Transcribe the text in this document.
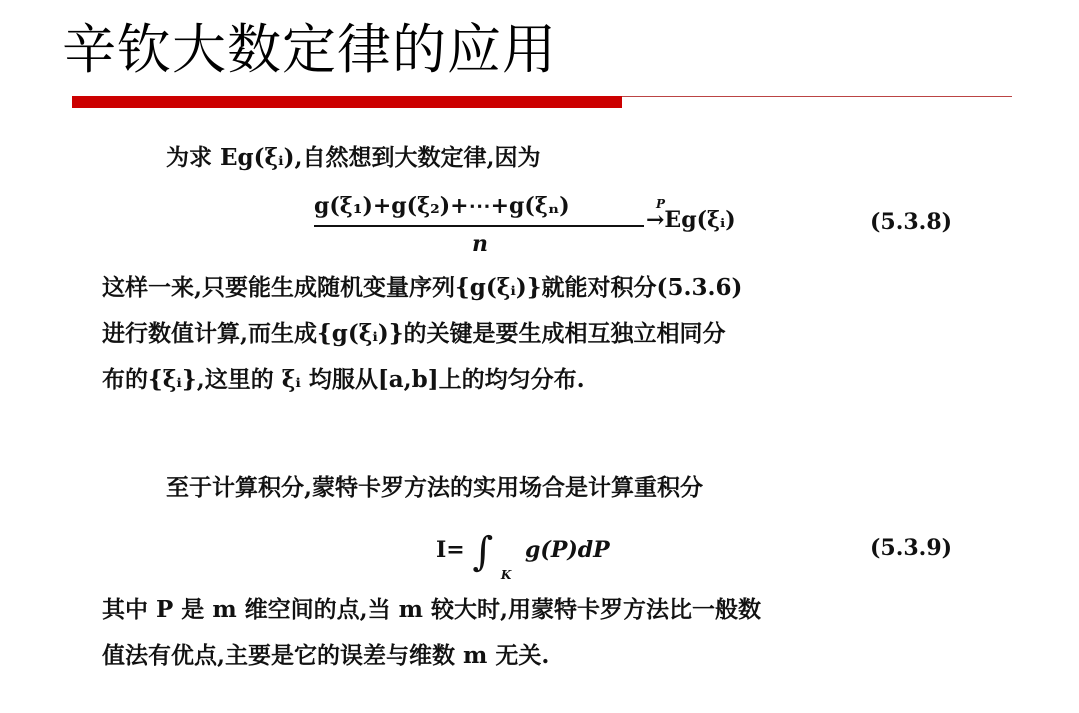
辛钦大数定律的应用
为求 Eg(ξᵢ),自然想到大数定律,因为
g(ξ₁)+g(ξ₂)+⋯+g(ξₙ)
n
P
→Eg(ξᵢ)	(5.3.8)
这样一来,只要能生成随机变量序列{g(ξᵢ)}就能对积分(5.3.6)
进行数值计算,而生成{g(ξᵢ)}的关键是要生成相互独立相同分
布的{ξᵢ},这里的 ξᵢ 均服从[a,b]上的均匀分布.
至于计算积分,蒙特卡罗方法的实用场合是计算重积分
I= ∫ $_K$ g(P)dP	(5.3.9)
其中 P 是 m 维空间的点,当 m 较大时,用蒙特卡罗方法比一般数
值法有优点,主要是它的误差与维数 m 无关.
